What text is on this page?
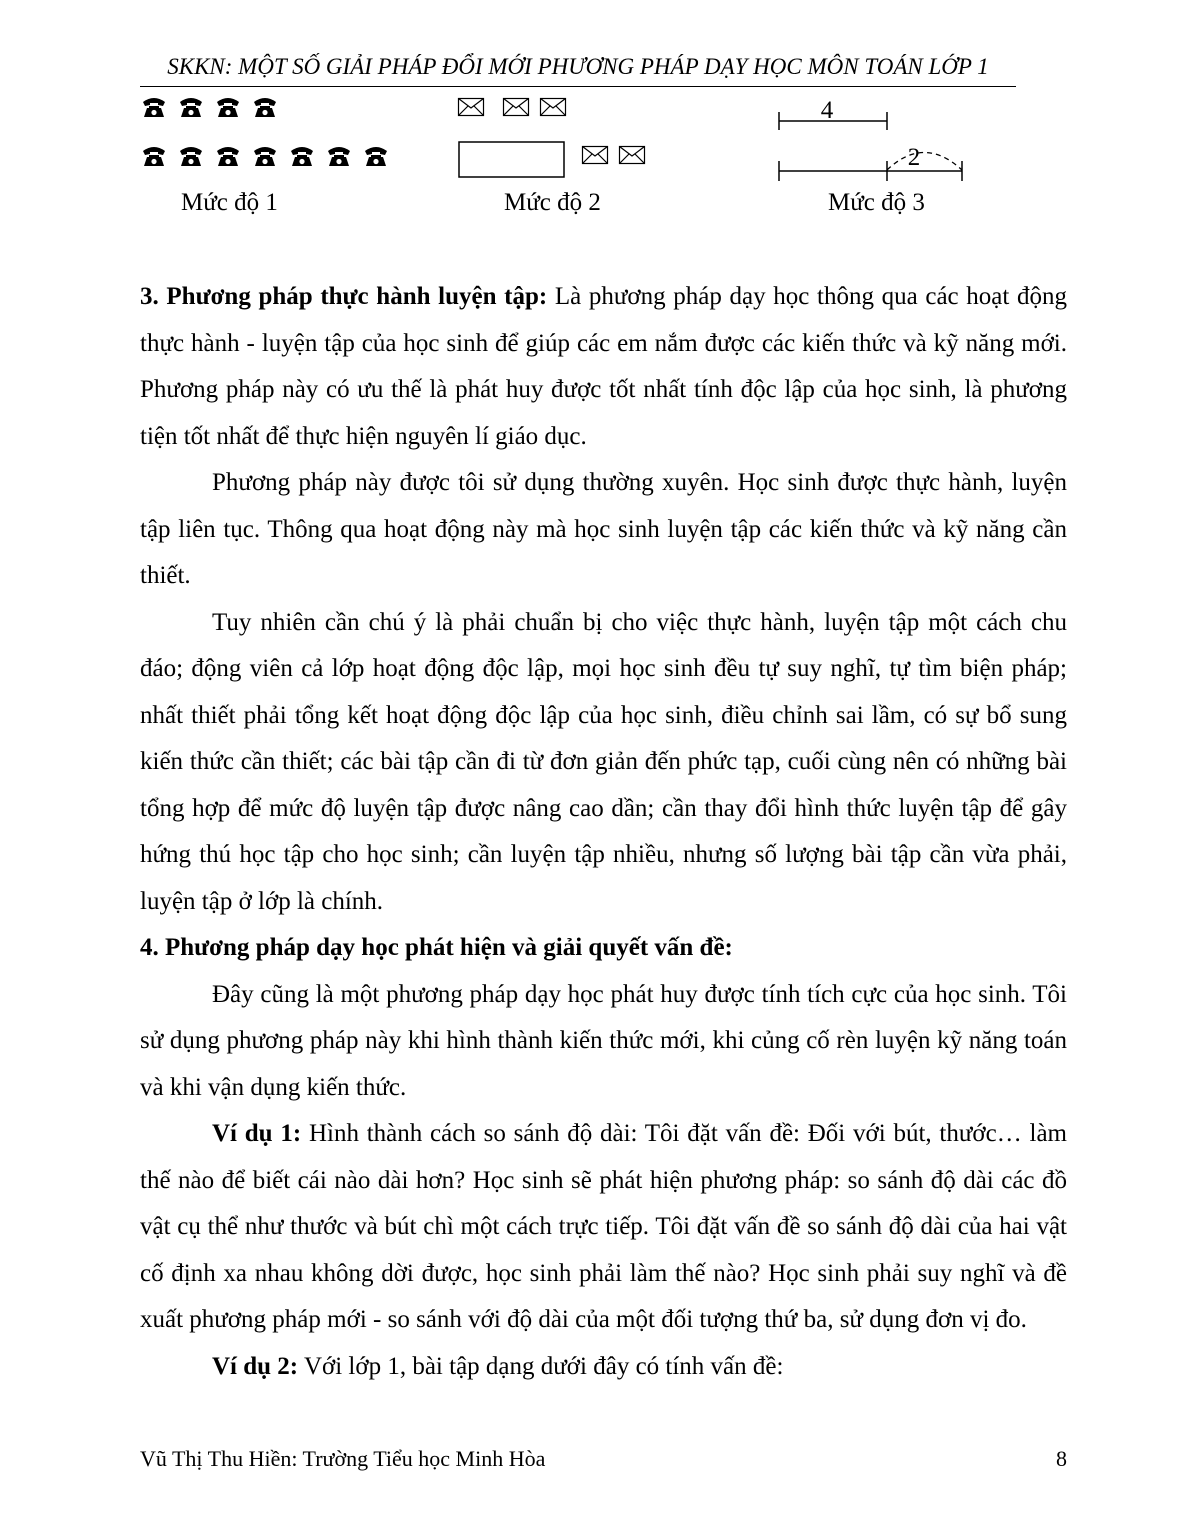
SKKN: MỘT SỐ GIẢI PHÁP ĐỔI MỚI PHƯƠNG PHÁP DẠY HỌC MÔN TOÁN LỚP 1
4
2
Mức độ 1	Mức độ 2	Mức độ 3

3. Phương pháp thực hành luyện tập: Là phương pháp dạy học thông qua các hoạt động thực hành - luyện tập của học sinh để giúp các em nắm được các kiến thức và kỹ năng mới. Phương pháp này có ưu thế là phát huy được tốt nhất tính độc lập của học sinh, là phương tiện tốt nhất để thực hiện nguyên lí giáo dục.

Phương pháp này được tôi sử dụng thường xuyên. Học sinh được thực hành, luyện tập liên tục. Thông qua hoạt động này mà học sinh luyện tập các kiến thức và kỹ năng cần thiết.

Tuy nhiên cần chú ý là phải chuẩn bị cho việc thực hành, luyện tập một cách chu đáo; động viên cả lớp hoạt động độc lập, mọi học sinh đều tự suy nghĩ, tự tìm biện pháp; nhất thiết phải tổng kết hoạt động độc lập của học sinh, điều chỉnh sai lầm, có sự bổ sung kiến thức cần thiết; các bài tập cần đi từ đơn giản đến phức tạp, cuối cùng nên có những bài tổng hợp để mức độ luyện tập được nâng cao dần; cần thay đổi hình thức luyện tập để gây hứng thú học tập cho học sinh; cần luyện tập nhiều, nhưng số lượng bài tập cần vừa phải, luyện tập ở lớp là chính.

4. Phương pháp dạy học phát hiện và giải quyết vấn đề:

Đây cũng là một phương pháp dạy học phát huy được tính tích cực của học sinh. Tôi sử dụng phương pháp này khi hình thành kiến thức mới, khi củng cố rèn luyện kỹ năng toán và khi vận dụng kiến thức.

Ví dụ 1: Hình thành cách so sánh độ dài: Tôi đặt vấn đề: Đối với bút, thước… làm thế nào để biết cái nào dài hơn? Học sinh sẽ phát hiện phương pháp: so sánh độ dài các đồ vật cụ thể như thước và bút chì một cách trực tiếp. Tôi đặt vấn đề so sánh độ dài của hai vật cố định xa nhau không dời được, học sinh phải làm thế nào? Học sinh phải suy nghĩ và đề xuất phương pháp mới - so sánh với độ dài của một đối tượng thứ ba, sử dụng đơn vị đo.

Ví dụ 2: Với lớp 1, bài tập dạng dưới đây có tính vấn đề:

Vũ Thị Thu Hiền: Trường Tiểu học Minh Hòa	8
